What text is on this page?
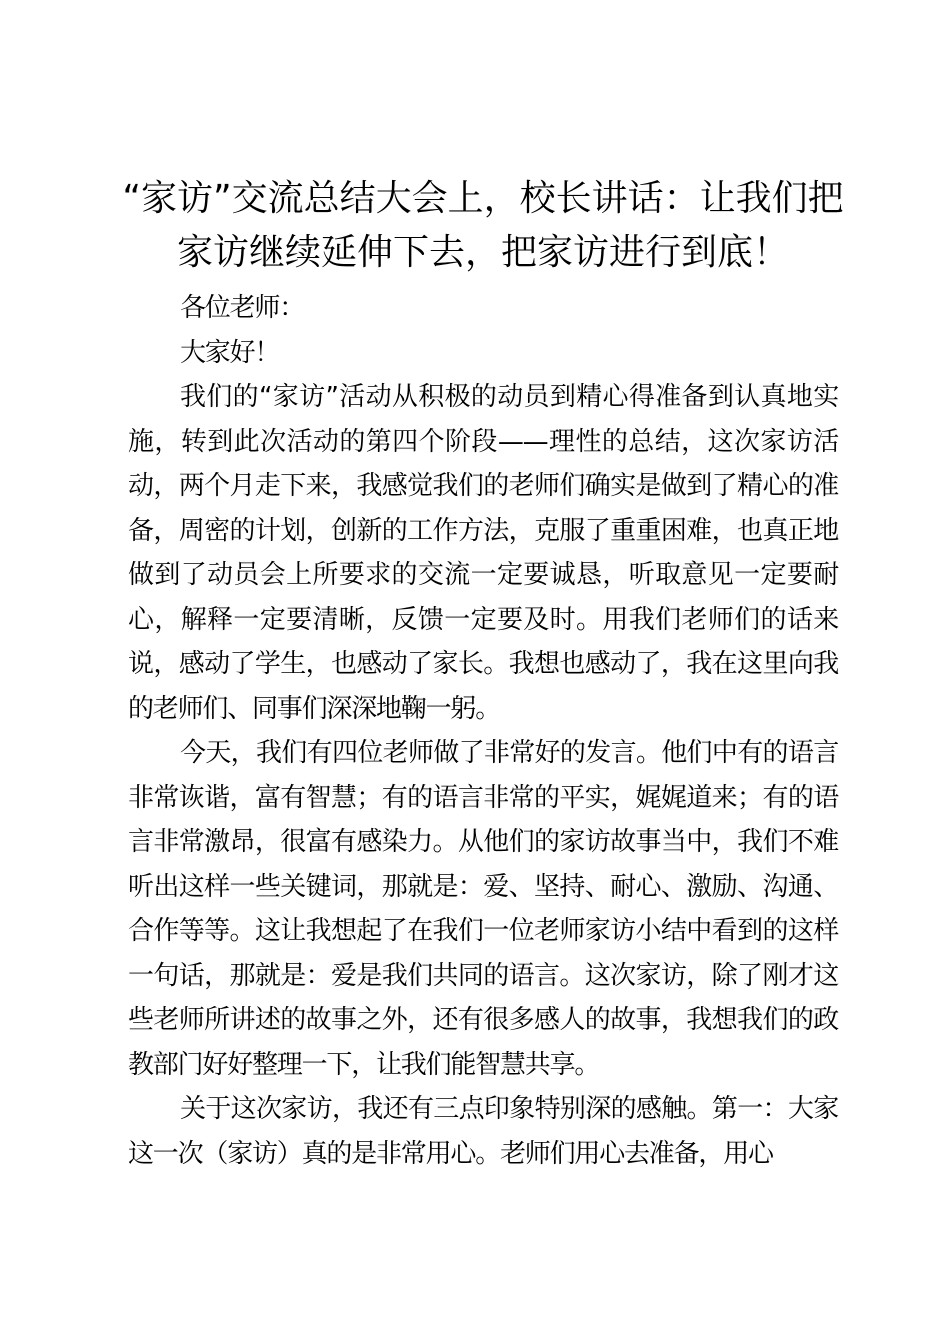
“家访”交流总结大会上，校长讲话：让我们把家访继续延伸下去，把家访进行到底！

各位老师：

大家好！

我们的“家访”活动从积极的动员到精心得准备到认真地实施，转到此次活动的第四个阶段——理性的总结，这次家访活动，两个月走下来，我感觉我们的老师们确实是做到了精心的准备，周密的计划，创新的工作方法，克服了重重困难，也真正地做到了动员会上所要求的交流一定要诚恳，听取意见一定要耐心，解释一定要清晰，反馈一定要及时。用我们老师们的话来说，感动了学生，也感动了家长。我想也感动了，我在这里向我的老师们、同事们深深地鞠一躬。

今天，我们有四位老师做了非常好的发言。他们中有的语言非常诙谐，富有智慧；有的语言非常的平实，娓娓道来；有的语言非常激昂，很富有感染力。从他们的家访故事当中，我们不难听出这样一些关键词，那就是：爱、坚持、耐心、激励、沟通、合作等等。这让我想起了在我们一位老师家访小结中看到的这样一句话，那就是：爱是我们共同的语言。这次家访，除了刚才这些老师所讲述的故事之外，还有很多感人的故事，我想我们的政教部门好好整理一下，让我们能智慧共享。

关于这次家访，我还有三点印象特别深的感触。第一：大家这一次（家访）真的是非常用心。老师们用心去准备，用心
